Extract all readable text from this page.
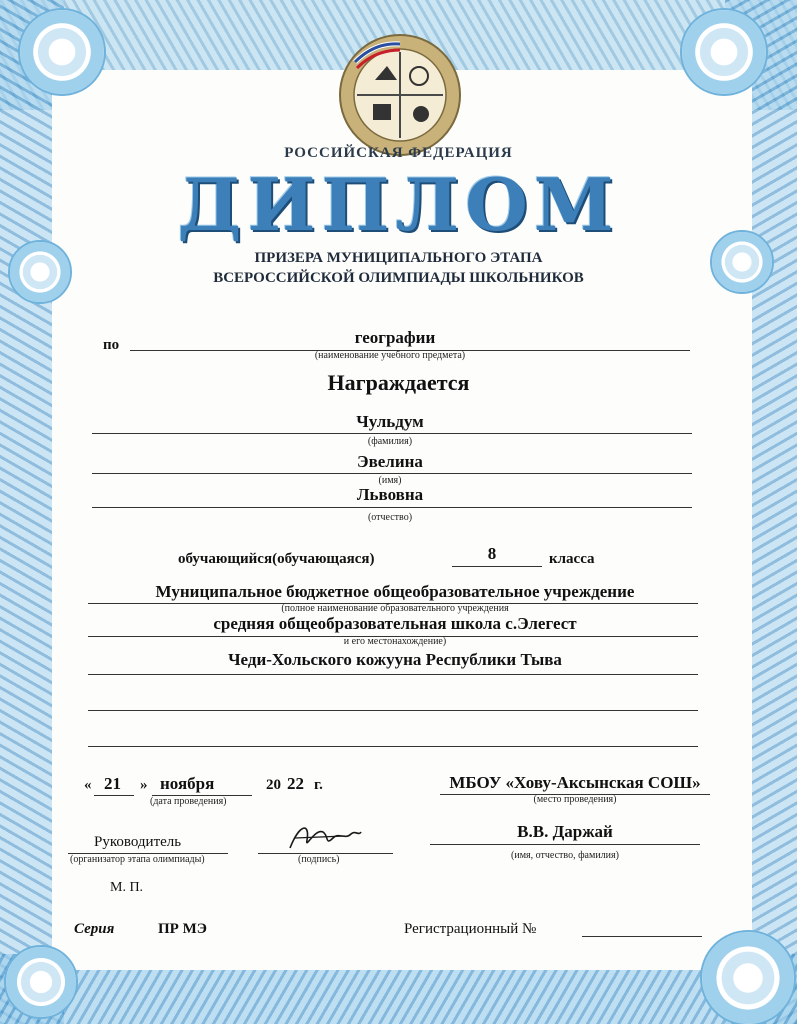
РОССИЙСКАЯ ФЕДЕРАЦИЯ
ДИПЛОМ
ПРИЗЕРА МУНИЦИПАЛЬНОГО ЭТАПА
ВСЕРОССИЙСКОЙ ОЛИМПИАДЫ ШКОЛЬНИКОВ
по	географии
(наименование учебного предмета)
Награждается
Чульдум
(фамилия)
Эвелина
(имя)
Львовна
(отчество)
обучающийся(обучающаяся)	8	класса
Муниципальное бюджетное общеобразовательное учреждение
(полное наименование образовательного учреждения
средняя общеобразовательная школа с.Элегест
и его местонахождение)
Чеди-Хольского кожууна Республики Тыва
« 21 » ноября	20 22 г.
(дата проведения)
МБОУ «Хову-Аксынская СОШ»
(место проведения)
Руководитель
(организатор этапа олимпиады)	(подпись)
В.В. Даржай
(имя, отчество, фамилия)
М. П.
Серия	ПР МЭ	Регистрационный №
